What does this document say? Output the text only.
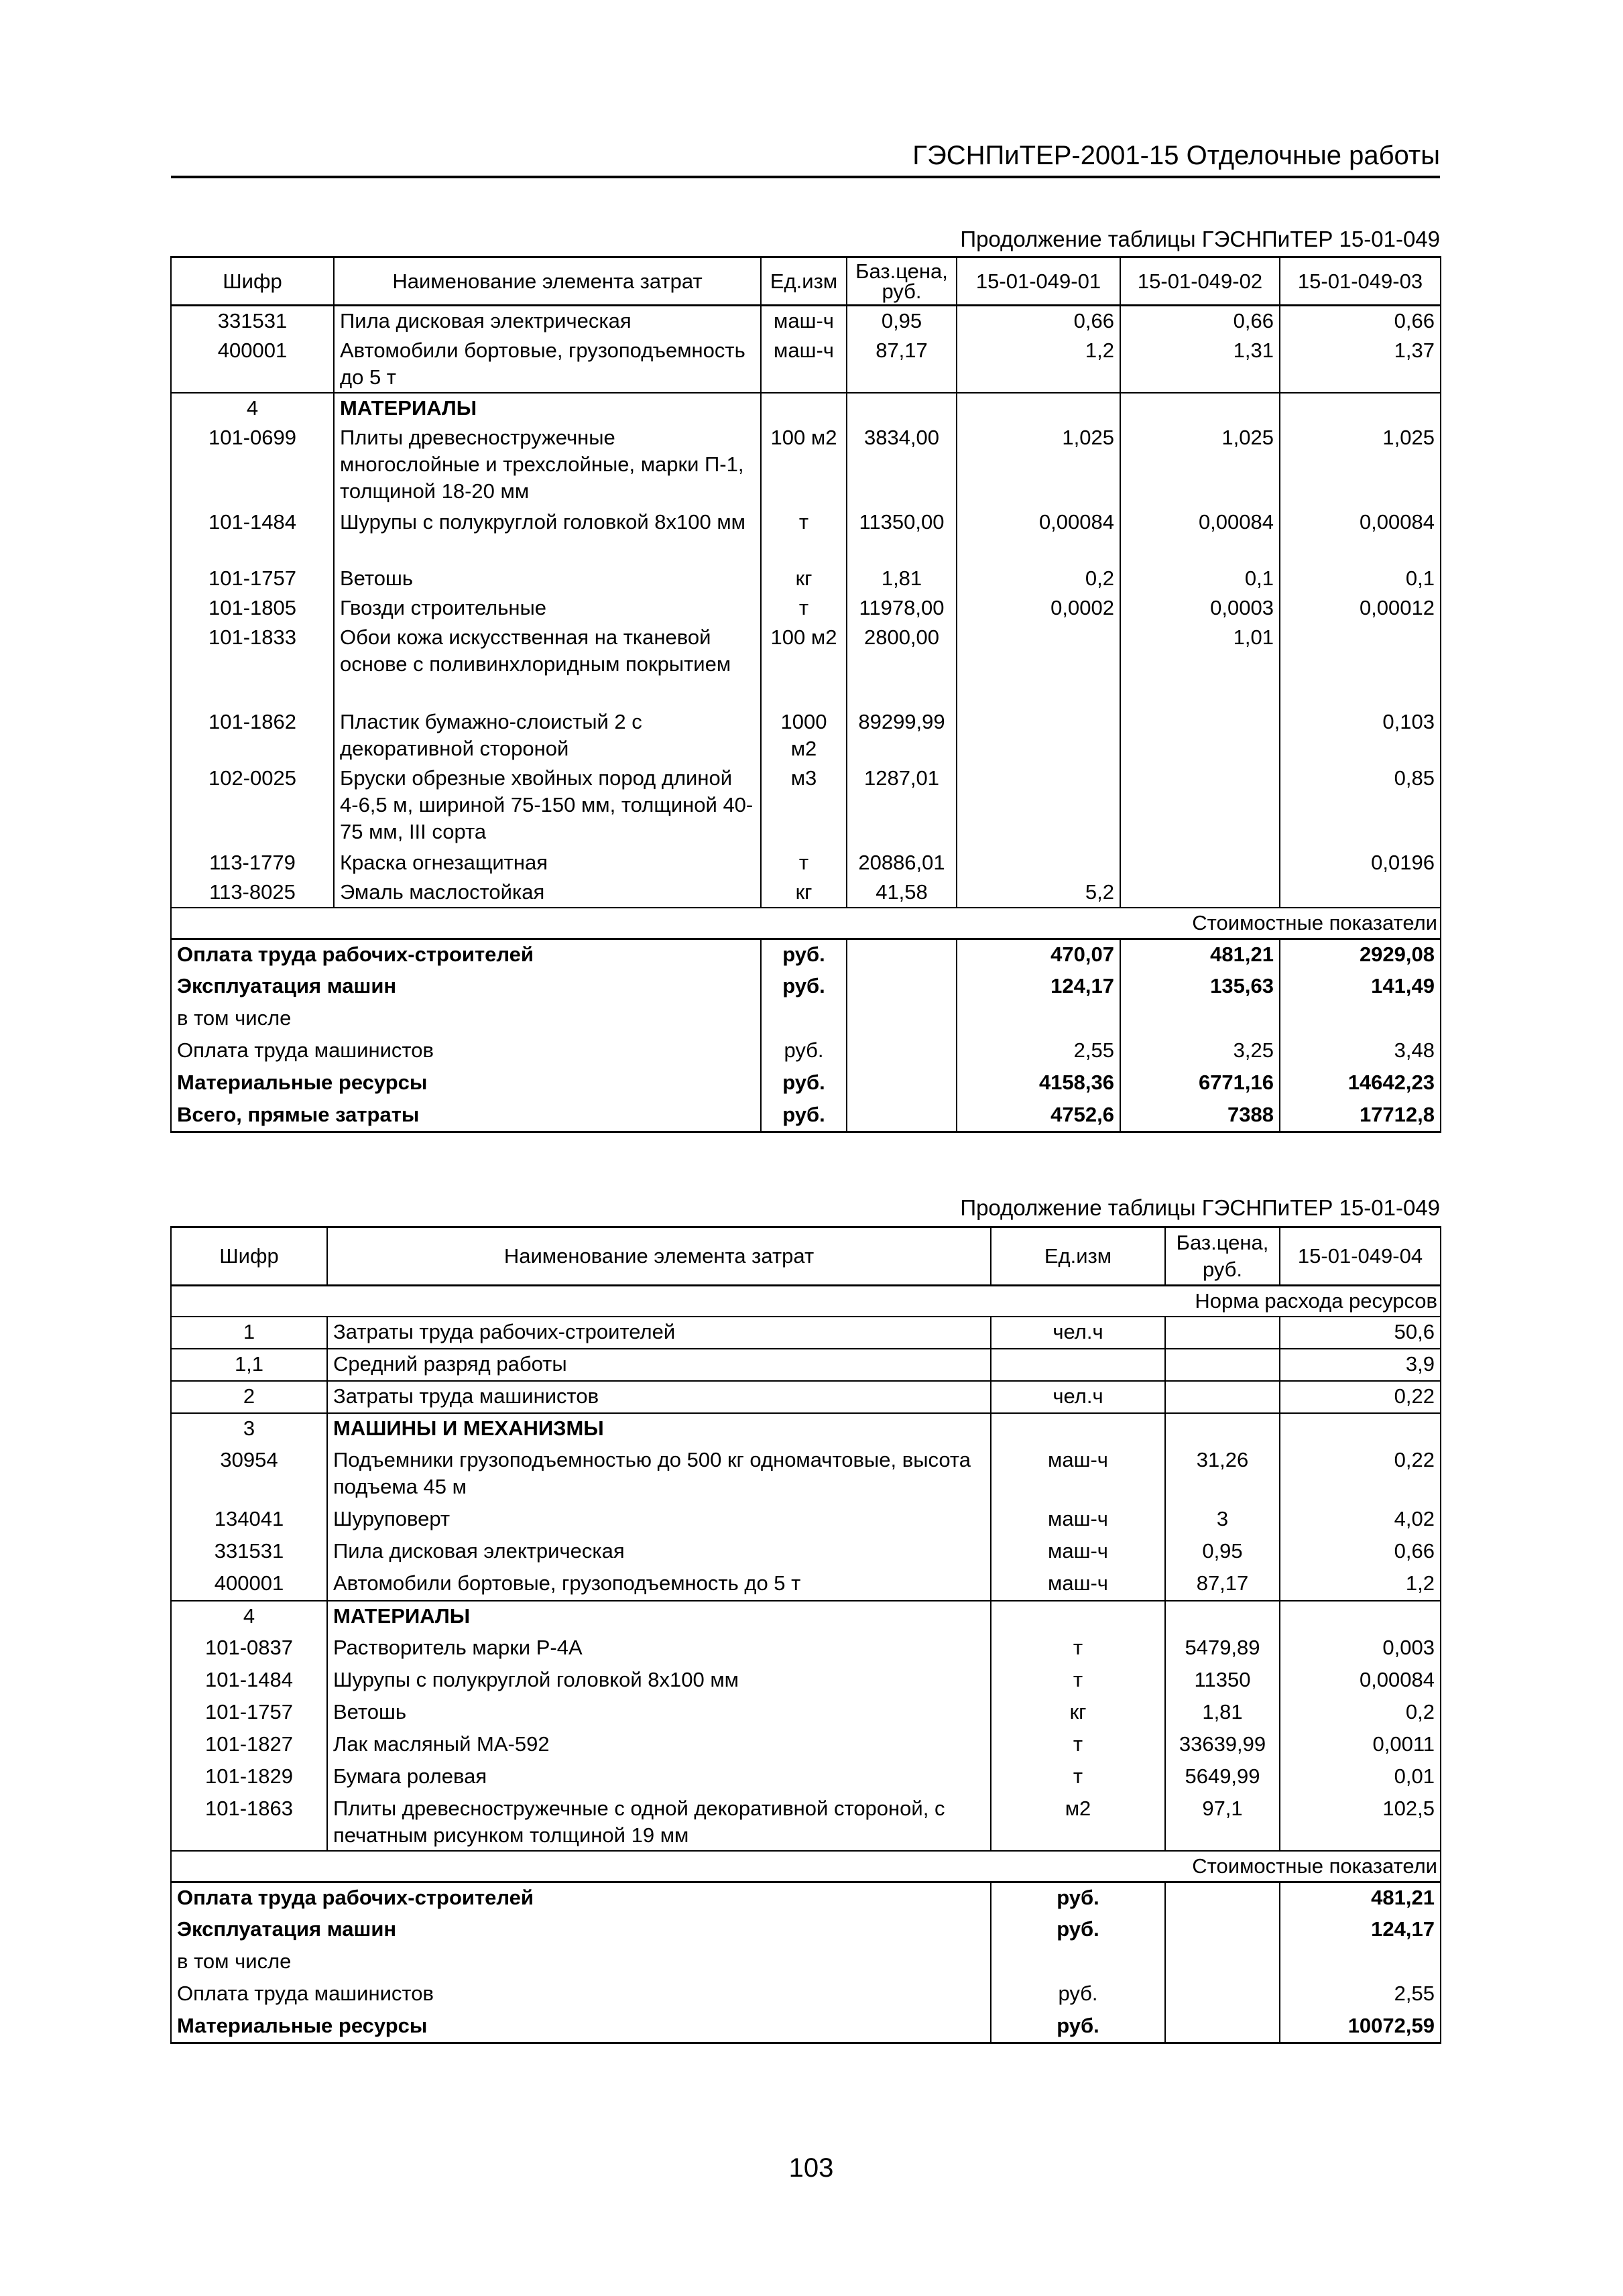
ГЭСНПиТЕР-2001-15 Отделочные работы
Продолжение таблицы ГЭСНПиТЕР 15-01-049
Шифр	Наименование элемента затрат	Ед.изм	Баз.цена, руб.	15-01-049-01	15-01-049-02	15-01-049-03
331531	Пила дисковая электрическая	маш-ч	0,95	0,66	0,66	0,66
400001	Автомобили бортовые, грузоподъемность до 5 т	маш-ч	87,17	1,2	1,31	1,37
4	МАТЕРИАЛЫ					
101-0699	Плиты древесностружечные многослойные и трехслойные, марки П-1, толщиной 18-20 мм	100 м2	3834,00	1,025	1,025	1,025
101-1484	Шурупы с полукруглой головкой 8х100 мм	т	11350,00	0,00084	0,00084	0,00084
101-1757	Ветошь	кг	1,81	0,2	0,1	0,1
101-1805	Гвозди строительные	т	11978,00	0,0002	0,0003	0,00012
101-1833	Обои кожа искусственная на тканевой основе с поливинхлоридным покрытием	100 м2	2800,00		1,01	
101-1862	Пластик бумажно-слоистый 2 с декоративной стороной	1000 м2	89299,99			0,103
102-0025	Бруски обрезные хвойных пород длиной 4-6,5 м, шириной 75-150 мм, толщиной 40-75 мм, III сорта	м3	1287,01			0,85
113-1779	Краска огнезащитная	т	20886,01			0,0196
113-8025	Эмаль маслостойкая	кг	41,58	5,2		
Стоимостные показатели						
Оплата труда рабочих-строителей		руб.		470,07	481,21	2929,08
Эксплуатация машин		руб.		124,17	135,63	141,49
в том числе						
Оплата труда машинистов		руб.		2,55	3,25	3,48
Материальные ресурсы		руб.		4158,36	6771,16	14642,23
Всего, прямые затраты		руб.		4752,6	7388	17712,8
Продолжение таблицы ГЭСНПиТЕР 15-01-049
Шифр	Наименование элемента затрат	Ед.изм	Баз.цена, руб.	15-01-049-04
Норма расхода ресурсов				
1	Затраты труда рабочих-строителей	чел.ч		50,6
1,1	Средний разряд работы			3,9
2	Затраты труда машинистов	чел.ч		0,22
3	МАШИНЫ И МЕХАНИЗМЫ			
30954	Подъемники грузоподъемностью до 500 кг одномачтовые, высота подъема 45 м	маш-ч	31,26	0,22
134041	Шуруповерт	маш-ч	3	4,02
331531	Пила дисковая электрическая	маш-ч	0,95	0,66
400001	Автомобили бортовые, грузоподъемность до 5 т	маш-ч	87,17	1,2
4	МАТЕРИАЛЫ			
101-0837	Растворитель марки Р-4А	т	5479,89	0,003
101-1484	Шурупы с полукруглой головкой 8х100 мм	т	11350	0,00084
101-1757	Ветошь	кг	1,81	0,2
101-1827	Лак масляный МА-592	т	33639,99	0,0011
101-1829	Бумага ролевая	т	5649,99	0,01
101-1863	Плиты древесностружечные с одной декоративной стороной, с печатным рисунком толщиной 19 мм	м2	97,1	102,5
Стоимостные показатели				
Оплата труда рабочих-строителей		руб.		481,21
Эксплуатация машин		руб.		124,17
в том числе				
Оплата труда машинистов		руб.		2,55
Материальные ресурсы		руб.		10072,59
103
